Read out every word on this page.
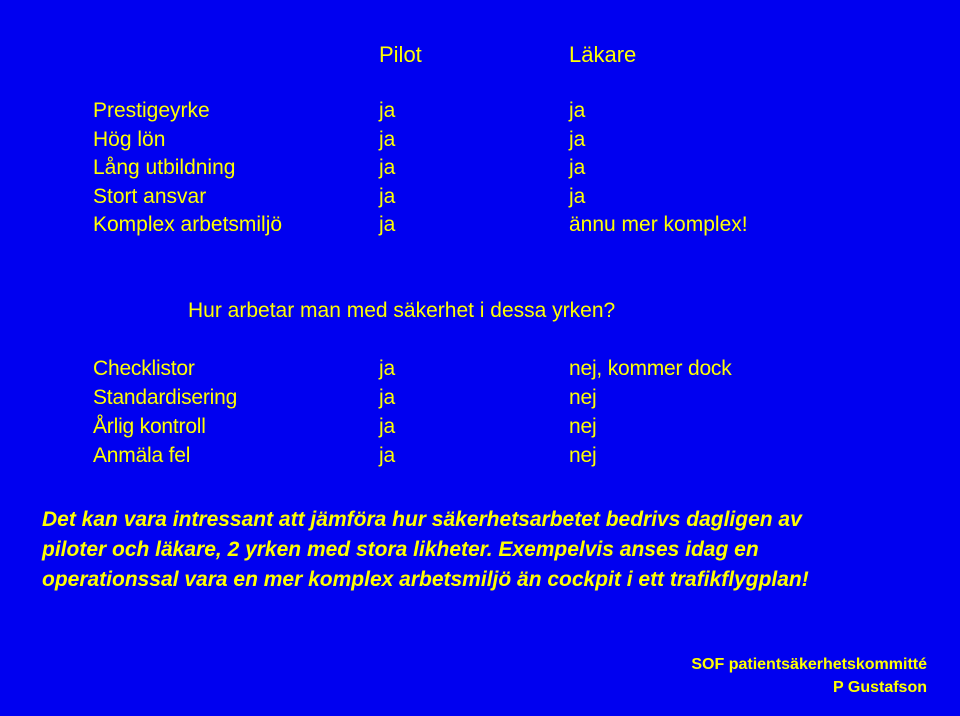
Pilot	Läkare
Prestigeyrke
Hög lön
Lång utbildning
Stort ansvar
Komplex arbetsmiljö
ja
ja
ja
ja
ja
ja
ja
ja
ja
ännu mer komplex!
Hur arbetar man med säkerhet i dessa yrken?
Checklistor
Standardisering
Årlig kontroll
Anmäla fel
ja
ja
ja
ja
nej, kommer dock
nej
nej
nej
Det kan vara intressant att jämföra hur säkerhetsarbetet bedrivs dagligen av
piloter och läkare, 2 yrken med stora likheter. Exempelvis anses idag en
operationssal vara en mer komplex arbetsmiljö än cockpit i ett trafikflygplan!
SOF patientsäkerhetskommitté
P Gustafson
